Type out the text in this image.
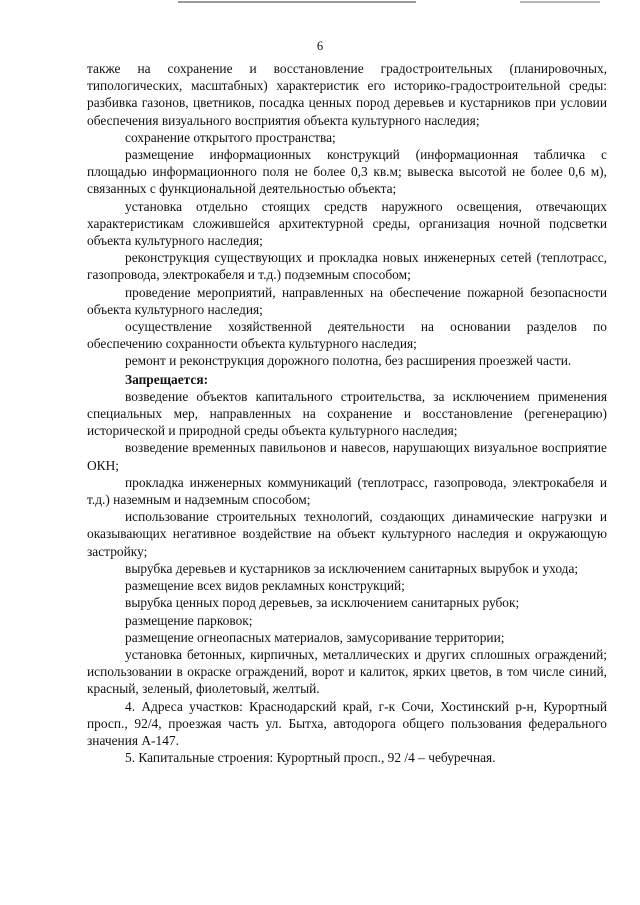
6

также на сохранение и восстановление градостроительных (планировочных, типологических, масштабных) характеристик его историко-градостроительной среды: разбивка газонов, цветников, посадка ценных пород деревьев и кустарников при условии обеспечения визуального восприятия объекта культурного наследия;

сохранение открытого пространства;

размещение информационных конструкций (информационная табличка с площадью информационного поля не более 0,3 кв.м; вывеска высотой не более 0,6 м), связанных с функциональной деятельностью объекта;

установка отдельно стоящих средств наружного освещения, отвечающих характеристикам сложившейся архитектурной среды, организация ночной подсветки объекта культурного наследия;

реконструкция существующих и прокладка новых инженерных сетей (теплотрасс, газопровода, электрокабеля и т.д.) подземным способом;

проведение мероприятий, направленных на обеспечение пожарной безопасности объекта культурного наследия;

осуществление хозяйственной деятельности на основании разделов по обеспечению сохранности объекта культурного наследия;

ремонт и реконструкция дорожного полотна, без расширения проезжей части.

Запрещается:

возведение объектов капитального строительства, за исключением применения специальных мер, направленных на сохранение и восстановление (регенерацию) исторической и природной среды объекта культурного наследия;

возведение временных павильонов и навесов, нарушающих визуальное восприятие ОКН;

прокладка инженерных коммуникаций (теплотрасс, газопровода, электрокабеля и т.д.) наземным и надземным способом;

использование строительных технологий, создающих динамические нагрузки и оказывающих негативное воздействие на объект культурного наследия и окружающую застройку;

вырубка деревьев и кустарников за исключением санитарных вырубок и ухода;

размещение всех видов рекламных конструкций;

вырубка ценных пород деревьев, за исключением санитарных рубок;

размещение парковок;

размещение огнеопасных материалов, замусоривание территории;

установка бетонных, кирпичных, металлических и других сплошных ограждений; использовании в окраске ограждений, ворот и калиток, ярких цветов, в том числе синий, красный, зеленый, фиолетовый, желтый.

4. Адреса участков: Краснодарский край, г-к Сочи, Хостинский р-н, Курортный просп., 92/4, проезжая часть ул. Бытха, автодорога общего пользования федерального значения А-147.

5. Капитальные строения: Курортный просп., 92 /4 – чебуречная.
